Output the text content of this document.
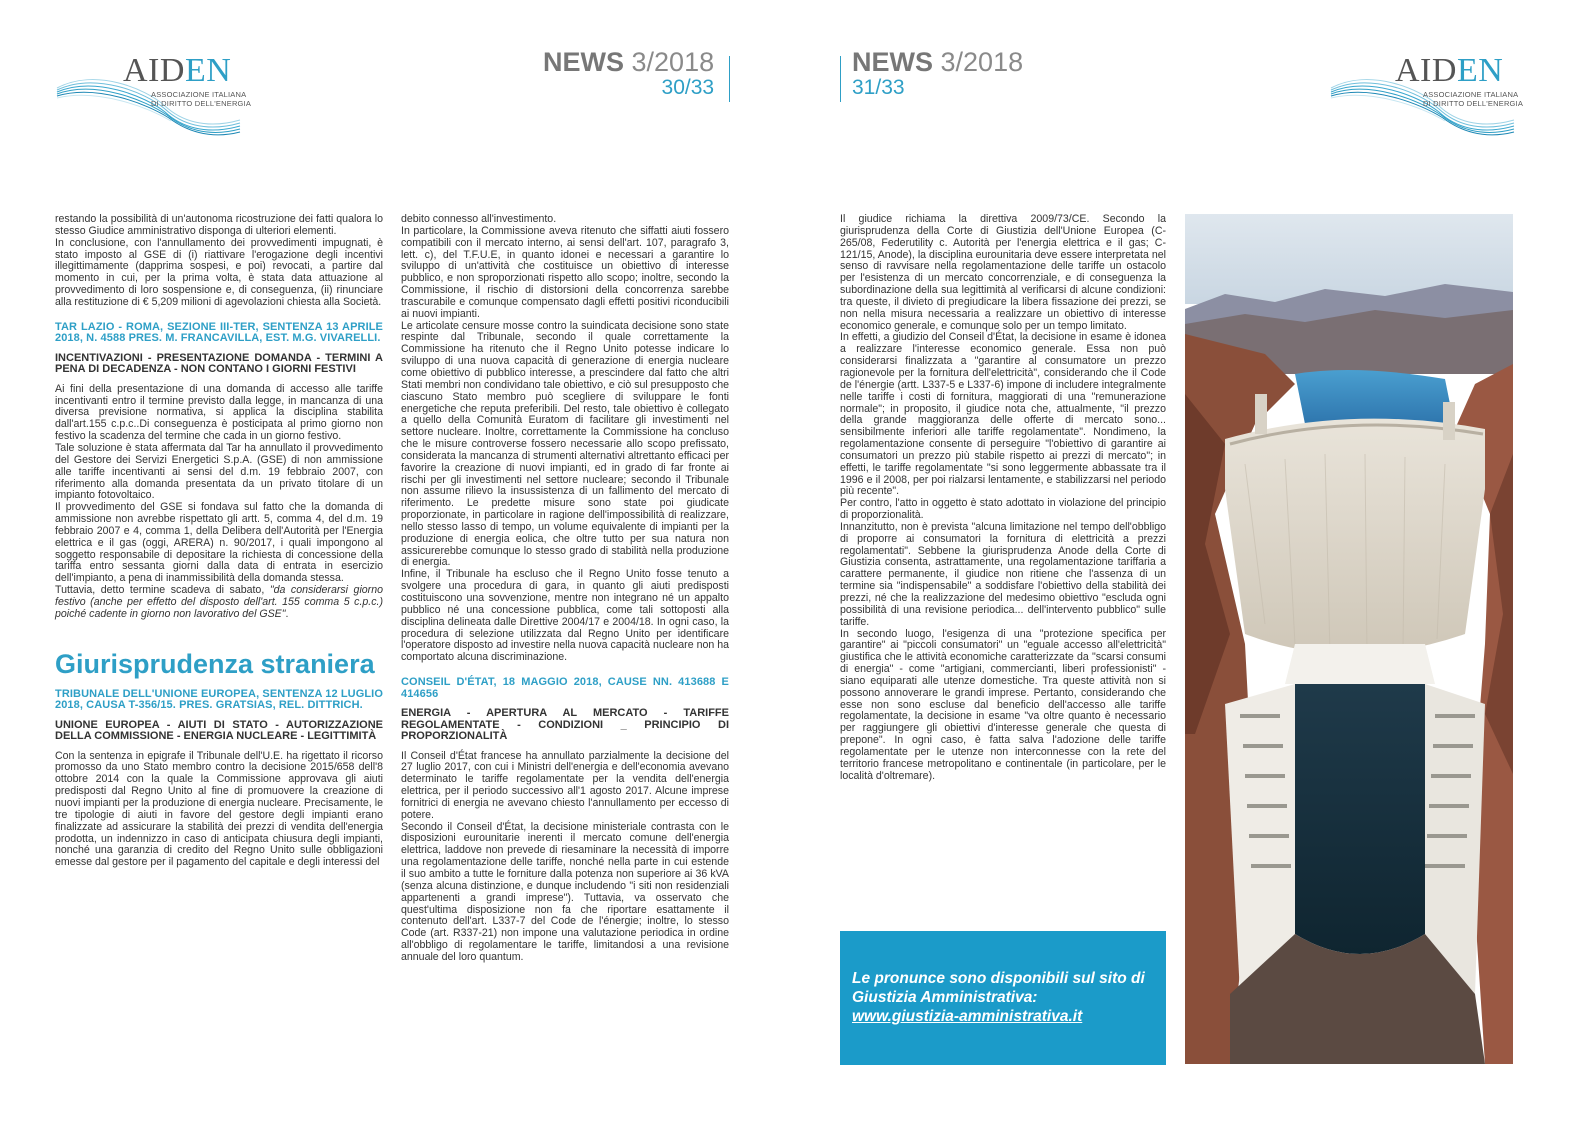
AIDEN
ASSOCIAZIONE ITALIANA
DI DIRITTO DELL'ENERGIA
NEWS 3/2018
30/33

restando la possibilità di un'autonoma ricostruzione dei fatti qualora lo stesso Giudice amministrativo disponga di ulteriori elementi.

In conclusione, con l'annullamento dei provvedimenti impugnati, è stato imposto al GSE di (i) riattivare l'erogazione degli incentivi illegittimamente (dapprima sospesi, e poi) revocati, a partire dal momento in cui, per la prima volta, è stata data attuazione al provvedimento di loro sospensione e, di conseguenza, (ii) rinunciare alla restituzione di € 5,209 milioni di agevolazioni chiesta alla Società.

TAR LAZIO - ROMA, SEZIONE III-TER, SENTENZA 13 APRILE 2018, N. 4588 PRES. M. FRANCAVILLA, EST. M.G. VIVARELLI.
INCENTIVAZIONI - PRESENTAZIONE DOMANDA - TERMINI A PENA DI DECADENZA - NON CONTANO I GIORNI FESTIVI

Ai fini della presentazione di una domanda di accesso alle tariffe incentivanti entro il termine previsto dalla legge, in mancanza di una diversa previsione normativa, si applica la disciplina stabilita dall'art.155 c.p.c..Di conseguenza è posticipata al primo giorno non festivo la scadenza del termine che cada in un giorno festivo.

Tale soluzione è stata affermata dal Tar ha annullato il provvedimento del Gestore dei Servizi Energetici S.p.A. (GSE) di non ammissione alle tariffe incentivanti ai sensi del d.m. 19 febbraio 2007, con riferimento alla domanda presentata da un privato titolare di un impianto fotovoltaico.

Il provvedimento del GSE si fondava sul fatto che la domanda di ammissione non avrebbe rispettato gli artt. 5, comma 4, del d.m. 19 febbraio 2007 e 4, comma 1, della Delibera dell'Autorità per l'Energia elettrica e il gas (oggi, ARERA) n. 90/2017, i quali impongono al soggetto responsabile di depositare la richiesta di concessione della tariffa entro sessanta giorni dalla data di entrata in esercizio dell'impianto, a pena di inammissibilità della domanda stessa.

Tuttavia, detto termine scadeva di sabato, "da considerarsi giorno festivo (anche per effetto del disposto dell'art. 155 comma 5 c.p.c.) poiché cadente in giorno non lavorativo del GSE".

Giurisprudenza straniera
TRIBUNALE DELL'UNIONE EUROPEA, SENTENZA 12 LUGLIO 2018, CAUSA T-356/15. PRES. GRATSIAS, REL. DITTRICH.
UNIONE EUROPEA - AIUTI DI STATO - AUTORIZZAZIONE DELLA COMMISSIONE - ENERGIA NUCLEARE - LEGITTIMITÀ

Con la sentenza in epigrafe il Tribunale dell'U.E. ha rigettato il ricorso promosso da uno Stato membro contro la decisione 2015/658 dell'8 ottobre 2014 con la quale la Commissione approvava gli aiuti predisposti dal Regno Unito al fine di promuovere la creazione di nuovi impianti per la produzione di energia nucleare. Precisamente, le tre tipologie di aiuti in favore del gestore degli impianti erano finalizzate ad assicurare la stabilità dei prezzi di vendita dell'energia prodotta, un indennizzo in caso di anticipata chiusura degli impianti, nonché una garanzia di credito del Regno Unito sulle obbligazioni emesse dal gestore per il pagamento del capitale e degli interessi del

debito connesso all'investimento.

In particolare, la Commissione aveva ritenuto che siffatti aiuti fossero compatibili con il mercato interno, ai sensi dell'art. 107, paragrafo 3, lett. c), del T.F.U.E, in quanto idonei e necessari a garantire lo sviluppo di un'attività che costituisce un obiettivo di interesse pubblico, e non sproporzionati rispetto allo scopo; inoltre, secondo la Commissione, il rischio di distorsioni della concorrenza sarebbe trascurabile e comunque compensato dagli effetti positivi riconducibili ai nuovi impianti.

Le articolate censure mosse contro la suindicata decisione sono state respinte dal Tribunale, secondo il quale correttamente la Commissione ha ritenuto che il Regno Unito potesse indicare lo sviluppo di una nuova capacità di generazione di energia nucleare come obiettivo di pubblico interesse, a prescindere dal fatto che altri Stati membri non condividano tale obiettivo, e ciò sul presupposto che ciascuno Stato membro può scegliere di sviluppare le fonti energetiche che reputa preferibili. Del resto, tale obiettivo è collegato a quello della Comunità Euratom di facilitare gli investimenti nel settore nucleare. Inoltre, correttamente la Commissione ha concluso che le misure controverse fossero necessarie allo scopo prefissato, considerata la mancanza di strumenti alternativi altrettanto efficaci per favorire la creazione di nuovi impianti, ed in grado di far fronte ai rischi per gli investimenti nel settore nucleare; secondo il Tribunale non assume rilievo la insussistenza di un fallimento del mercato di riferimento. Le predette misure sono state poi giudicate proporzionate, in particolare in ragione dell'impossibilità di realizzare, nello stesso lasso di tempo, un volume equivalente di impianti per la produzione di energia eolica, che oltre tutto per sua natura non assicurerebbe comunque lo stesso grado di stabilità nella produzione di energia.

Infine, il Tribunale ha escluso che il Regno Unito fosse tenuto a svolgere una procedura di gara, in quanto gli aiuti predisposti costituiscono una sovvenzione, mentre non integrano né un appalto pubblico né una concessione pubblica, come tali sottoposti alla disciplina delineata dalle Direttive 2004/17 e 2004/18. In ogni caso, la procedura di selezione utilizzata dal Regno Unito per identificare l'operatore disposto ad investire nella nuova capacità nucleare non ha comportato alcuna discriminazione.

CONSEIL D'ÉTAT, 18 MAGGIO 2018, CAUSE NN. 413688 E 414656
ENERGIA - APERTURA AL MERCATO - TARIFFE REGOLAMENTATE - CONDIZIONI _ PRINCIPIO DI PROPORZIONALITÀ

Il Conseil d'État francese ha annullato parzialmente la decisione del 27 luglio 2017, con cui i Ministri dell'energia e dell'economia avevano determinato le tariffe regolamentate per la vendita dell'energia elettrica, per il periodo successivo all'1 agosto 2017. Alcune imprese fornitrici di energia ne avevano chiesto l'annullamento per eccesso di potere.

Secondo il Conseil d'État, la decisione ministeriale contrasta con le disposizioni eurounitarie inerenti il mercato comune dell'energia elettrica, laddove non prevede di riesaminare la necessità di imporre una regolamentazione delle tariffe, nonché nella parte in cui estende il suo ambito a tutte le forniture dalla potenza non superiore ai 36 kVA (senza alcuna distinzione, e dunque includendo "i siti non residenziali appartenenti a grandi imprese"). Tuttavia, va osservato che quest'ultima disposizione non fa che riportare esattamente il contenuto dell'art. L337-7 del Code de l'énergie; inoltre, lo stesso Code (art. R337-21) non impone una valutazione periodica in ordine all'obbligo di regolamentare le tariffe, limitandosi a una revisione annuale del loro quantum.

NEWS 3/2018
31/33	AIDEN
ASSOCIAZIONE ITALIANA
DI DIRITTO DELL'ENERGIA

Il giudice richiama la direttiva 2009/73/CE. Secondo la giurisprudenza della Corte di Giustizia dell'Unione Europea (C-265/08, Federutility c. Autorità per l'energia elettrica e il gas; C-121/15, Anode), la disciplina eurounitaria deve essere interpretata nel senso di ravvisare nella regolamentazione delle tariffe un ostacolo per l'esistenza di un mercato concorrenziale, e di conseguenza la subordinazione della sua legittimità al verificarsi di alcune condizioni: tra queste, il divieto di pregiudicare la libera fissazione dei prezzi, se non nella misura necessaria a realizzare un obiettivo di interesse economico generale, e comunque solo per un tempo limitato.

In effetti, a giudizio del Conseil d'État, la decisione in esame è idonea a realizzare l'interesse economico generale. Essa non può considerarsi finalizzata a "garantire al consumatore un prezzo ragionevole per la fornitura dell'elettricità", considerando che il Code de l'énergie (artt. L337-5 e L337-6) impone di includere integralmente nelle tariffe i costi di fornitura, maggiorati di una "remunerazione normale"; in proposito, il giudice nota che, attualmente, "il prezzo della grande maggioranza delle offerte di mercato sono... sensibilmente inferiori alle tariffe regolamentate". Nondimeno, la regolamentazione consente di perseguire "l'obiettivo di garantire ai consumatori un prezzo più stabile rispetto ai prezzi di mercato"; in effetti, le tariffe regolamentate "si sono leggermente abbassate tra il 1996 e il 2008, per poi rialzarsi lentamente, e stabilizzarsi nel periodo più recente".

Per contro, l'atto in oggetto è stato adottato in violazione del principio di proporzionalità.

Innanzitutto, non è prevista "alcuna limitazione nel tempo dell'obbligo di proporre ai consumatori la fornitura di elettricità a prezzi regolamentati". Sebbene la giurisprudenza Anode della Corte di Giustizia consenta, astrattamente, una regolamentazione tariffaria a carattere permanente, il giudice non ritiene che l'assenza di un termine sia "indispensabile" a soddisfare l'obiettivo della stabilità dei prezzi, né che la realizzazione del medesimo obiettivo "escluda ogni possibilità di una revisione periodica... dell'intervento pubblico" sulle tariffe.

In secondo luogo, l'esigenza di una "protezione specifica per garantire" ai "piccoli consumatori" un "eguale accesso all'elettricità" giustifica che le attività economiche caratterizzate da "scarsi consumi di energia" - come "artigiani, commercianti, liberi professionisti" - siano equiparati alle utenze domestiche. Tra queste attività non si possono annoverare le grandi imprese. Pertanto, considerando che esse non sono escluse dal beneficio dell'accesso alle tariffe regolamentate, la decisione in esame "va oltre quanto è necessario per raggiungere gli obiettivi d'interesse generale che questa di prepone". In ogni caso, è fatta salva l'adozione delle tariffe regolamentate per le utenze non interconnesse con la rete del territorio francese metropolitano e continentale (in particolare, per le località d'oltremare).

Le pronunce sono disponibili sul sito di Giustizia Amministrativa:
www.giustizia-amministrativa.it
